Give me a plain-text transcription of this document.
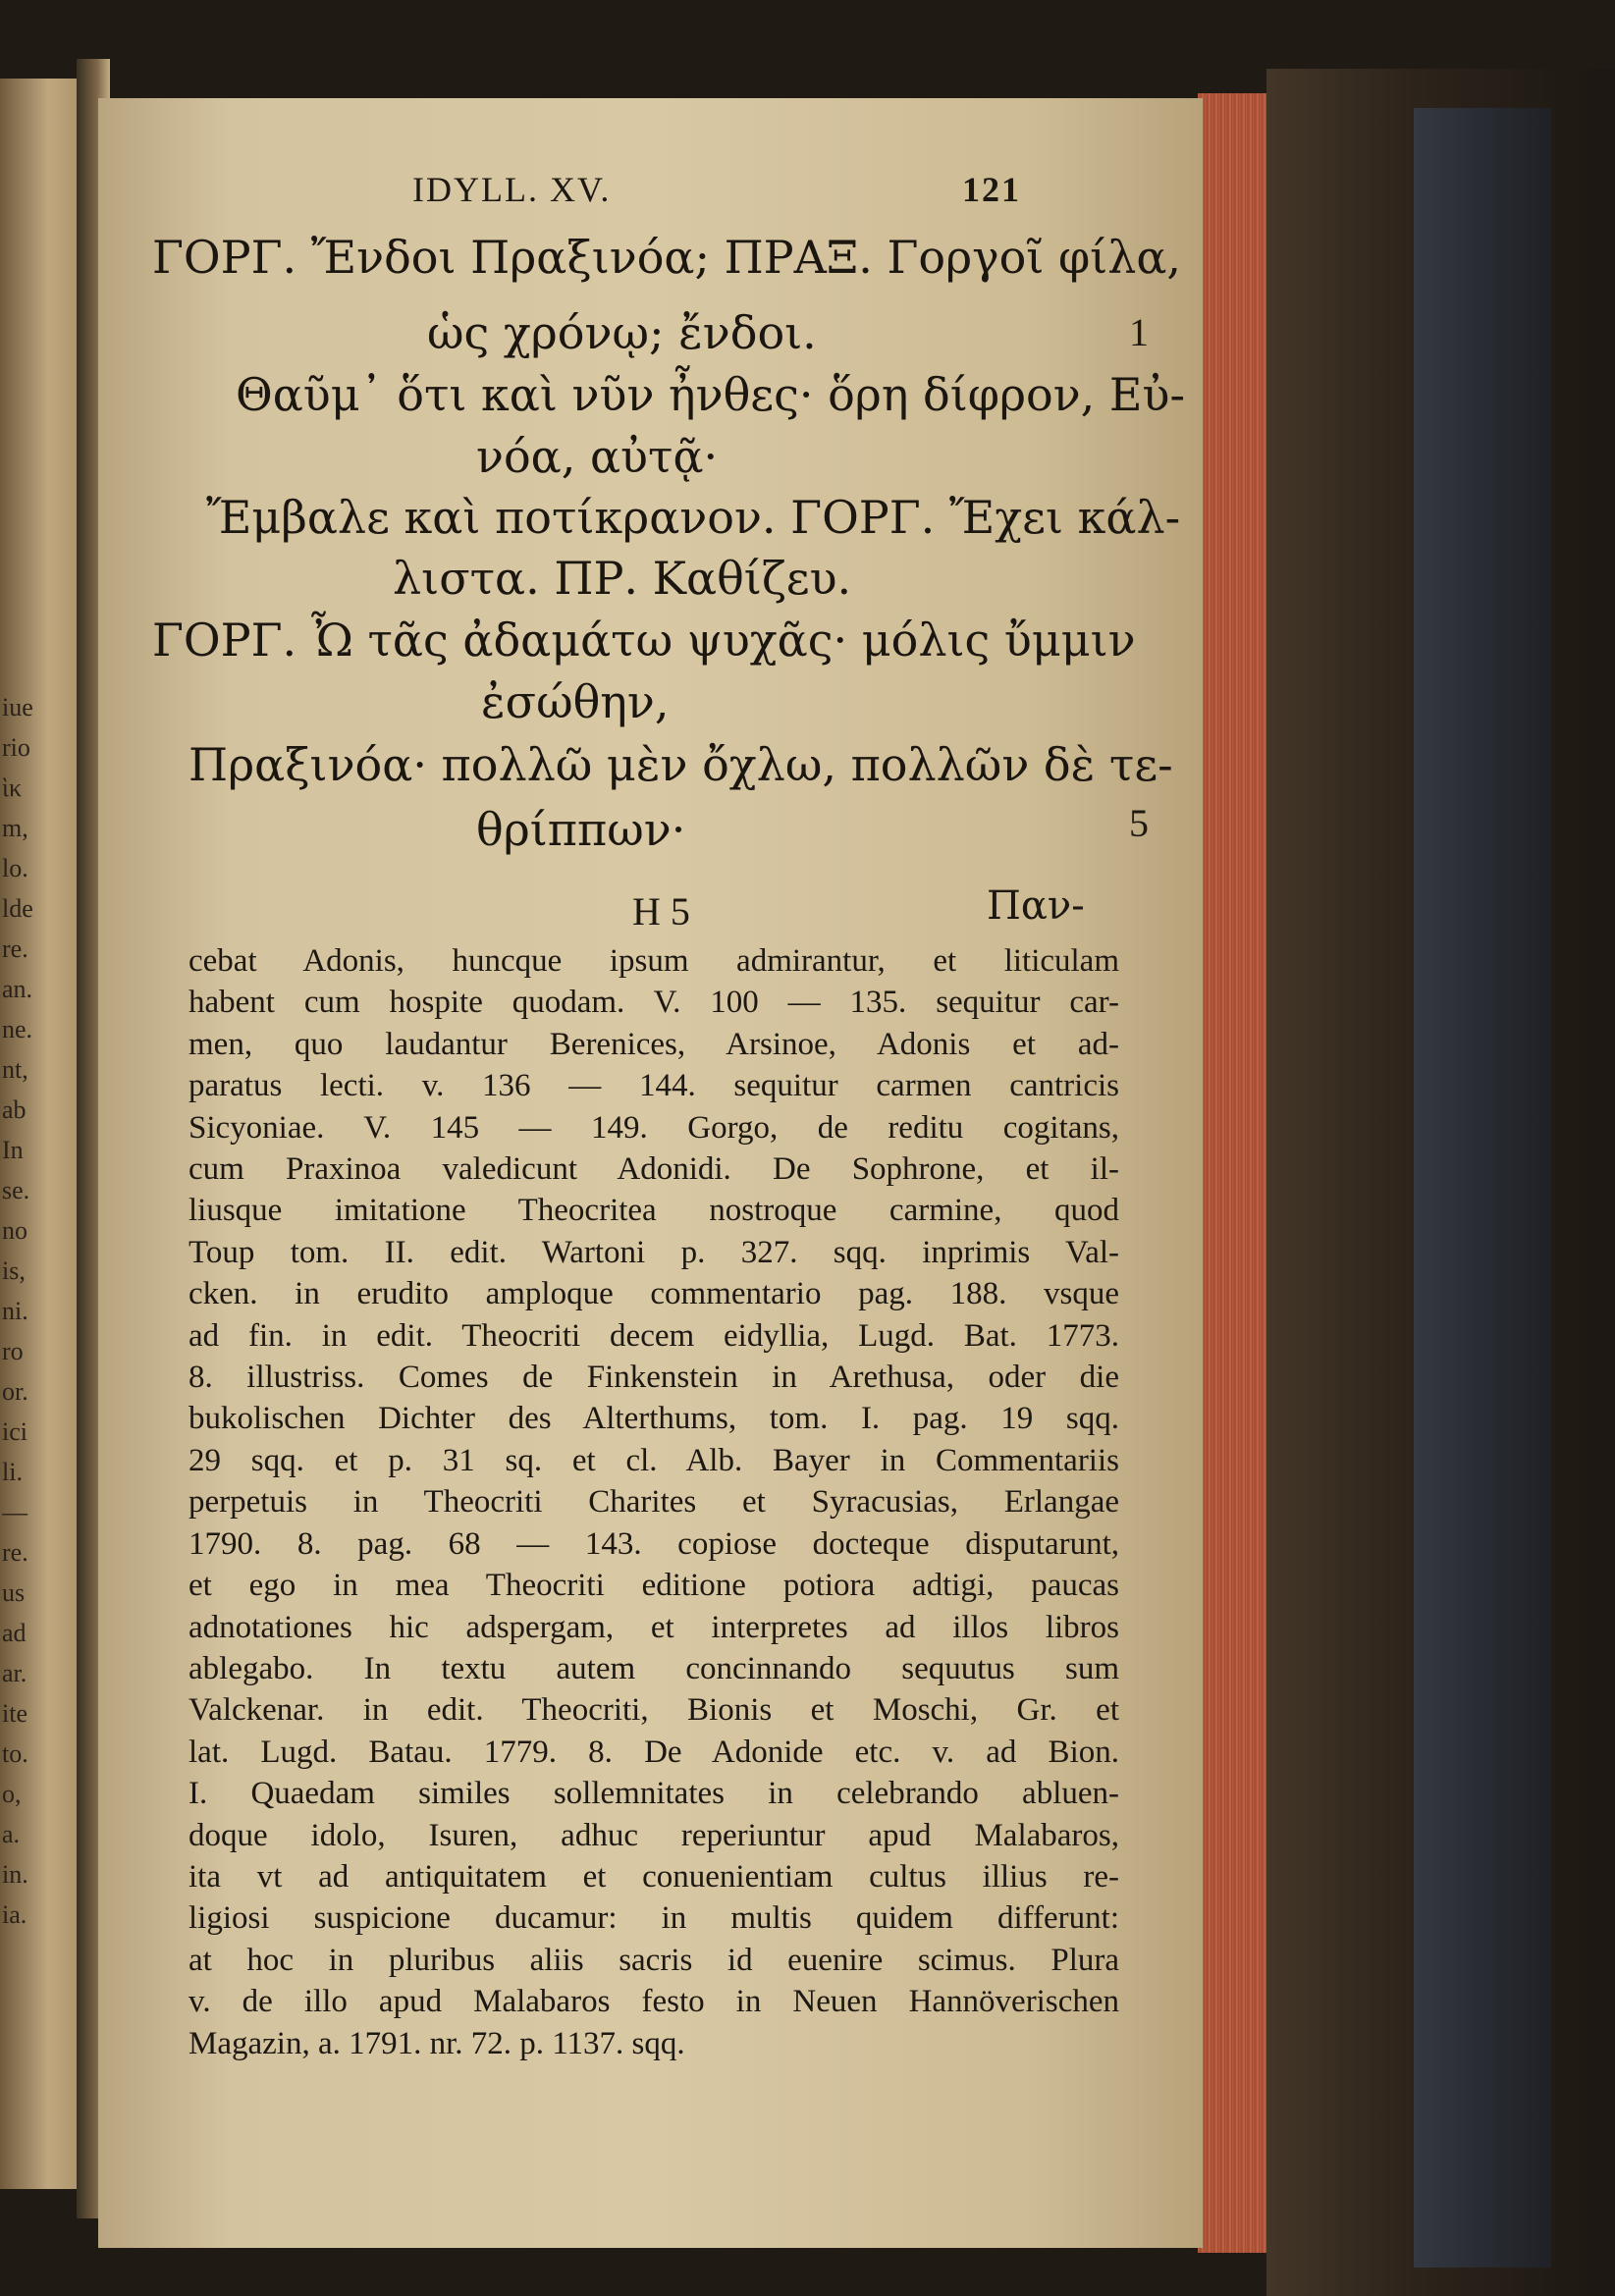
iue
rio
ὶκ
m,
lo.
lde
re.
an.
ne.
nt,
ab
In
se.
no
is,
ni.
ro
or.
ici
li.
—
re.
us
ad
ar.
ite
to.
o,
a.
in.
ia.
IDYLL. XV.	121
ΓΟΡΓ. Ἔνδοι Πραξινόα; ΠΡΑΞ. Γοργοῖ φίλα,
ὡς χρόνῳ; ἔνδοι.
Θαῦμ᾽ ὅτι καὶ νῦν ἦνθες· ὅρη δίφρον, Εὐ-
νόα, αὐτᾷ·
Ἔμβαλε καὶ ποτίκρανον. ΓΟΡΓ. Ἔχει κάλ-
λιστα. ΠΡ. Καθίζευ.
ΓΟΡΓ. Ὦ τᾶς ἀδαμάτω ψυχᾶς· μόλις ὔμμιν
ἐσώθην,
Πραξινόα· πολλῶ μὲν ὄχλω, πολλῶν δὲ τε-
θρίππων·
1
5
H 5	Παν-
cebat Adonis, huncque ipsum admirantur, et liticulam
habent cum hospite quodam. V. 100 — 135. sequitur car-
men, quo laudantur Berenices, Arsinoe, Adonis et ad-
paratus lecti. v. 136 — 144. sequitur carmen cantricis
Sicyoniae. V. 145 — 149. Gorgo, de reditu cogitans,
cum Praxinoa valedicunt Adonidi. De Sophrone, et il-
liusque imitatione Theocritea nostroque carmine, quod
Toup tom. II. edit. Wartoni p. 327. sqq. inprimis Val-
cken. in erudito amploque commentario pag. 188. vsque
ad fin. in edit. Theocriti decem eidyllia, Lugd. Bat. 1773.
8. illustriss. Comes de Finkenstein in Arethusa, oder die
bukolischen Dichter des Alterthums, tom. I. pag. 19 sqq.
29 sqq. et p. 31 sq. et cl. Alb. Bayer in Commentariis
perpetuis in Theocriti Charites et Syracusias, Erlangae
1790. 8. pag. 68 — 143. copiose docteque disputarunt,
et ego in mea Theocriti editione potiora adtigi, paucas
adnotationes hic adspergam, et interpretes ad illos libros
ablegabo. In textu autem concinnando sequutus sum
Valckenar. in edit. Theocriti, Bionis et Moschi, Gr. et
lat. Lugd. Batau. 1779. 8. De Adonide etc. v. ad Bion.
I. Quaedam similes sollemnitates in celebrando abluen-
doque idolo, Isuren, adhuc reperiuntur apud Malabaros,
ita vt ad antiquitatem et conuenientiam cultus illius re-
ligiosi suspicione ducamur: in multis quidem differunt:
at hoc in pluribus aliis sacris id euenire scimus. Plura
v. de illo apud Malabaros festo in Neuen Hannöverischen
Magazin, a. 1791. nr. 72. p. 1137. sqq.
